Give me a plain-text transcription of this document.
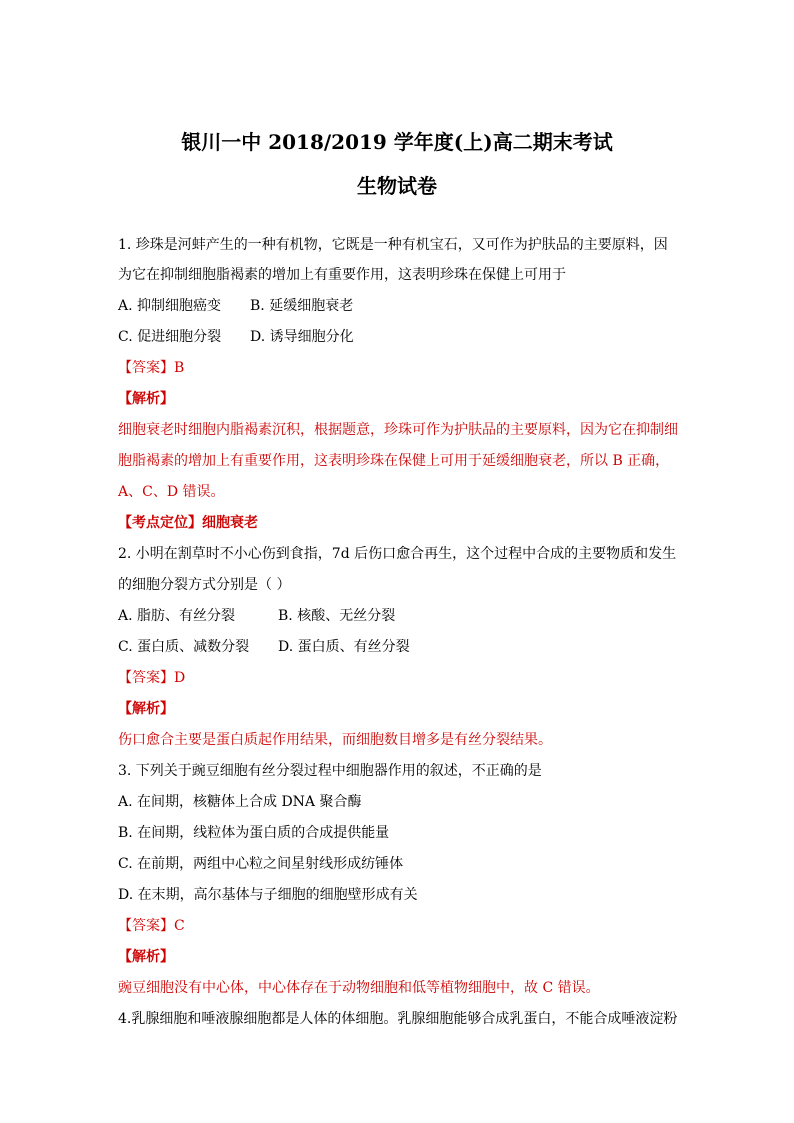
银川一中 2018/2019 学年度(上)高二期末考试
生物试卷
1. 珍珠是河蚌产生的一种有机物，它既是一种有机宝石，又可作为护肤品的主要原料，因
为它在抑制细胞脂褐素的增加上有重要作用，这表明珍珠在保健上可用于
A. 抑制细胞癌变 B. 延缓细胞衰老
C. 促进细胞分裂 D. 诱导细胞分化
【答案】B
【解析】
细胞衰老时细胞内脂褐素沉积，根据题意，珍珠可作为护肤品的主要原料，因为它在抑制细
胞脂褐素的增加上有重要作用，这表明珍珠在保健上可用于延缓细胞衰老，所以 B 正确，
A、C、D 错误。
【考点定位】细胞衰老
2. 小明在割草时不小心伤到食指，7d 后伤口愈合再生，这个过程中合成的主要物质和发生
的细胞分裂方式分别是（ ）
A. 脂肪、有丝分裂	B. 核酸、无丝分裂
C. 蛋白质、减数分裂 D. 蛋白质、有丝分裂
【答案】D
【解析】
伤口愈合主要是蛋白质起作用结果，而细胞数目增多是有丝分裂结果。
3. 下列关于豌豆细胞有丝分裂过程中细胞器作用的叙述，不正确的是
A. 在间期，核糖体上合成 DNA 聚合酶
B. 在间期，线粒体为蛋白质的合成提供能量
C. 在前期，两组中心粒之间星射线形成纺锤体
D. 在末期，高尔基体与子细胞的细胞壁形成有关
【答案】C
【解析】
豌豆细胞没有中心体，中心体存在于动物细胞和低等植物细胞中，故 C 错误。
4.乳腺细胞和唾液腺细胞都是人体的体细胞。乳腺细胞能够合成乳蛋白，不能合成唾液淀粉
